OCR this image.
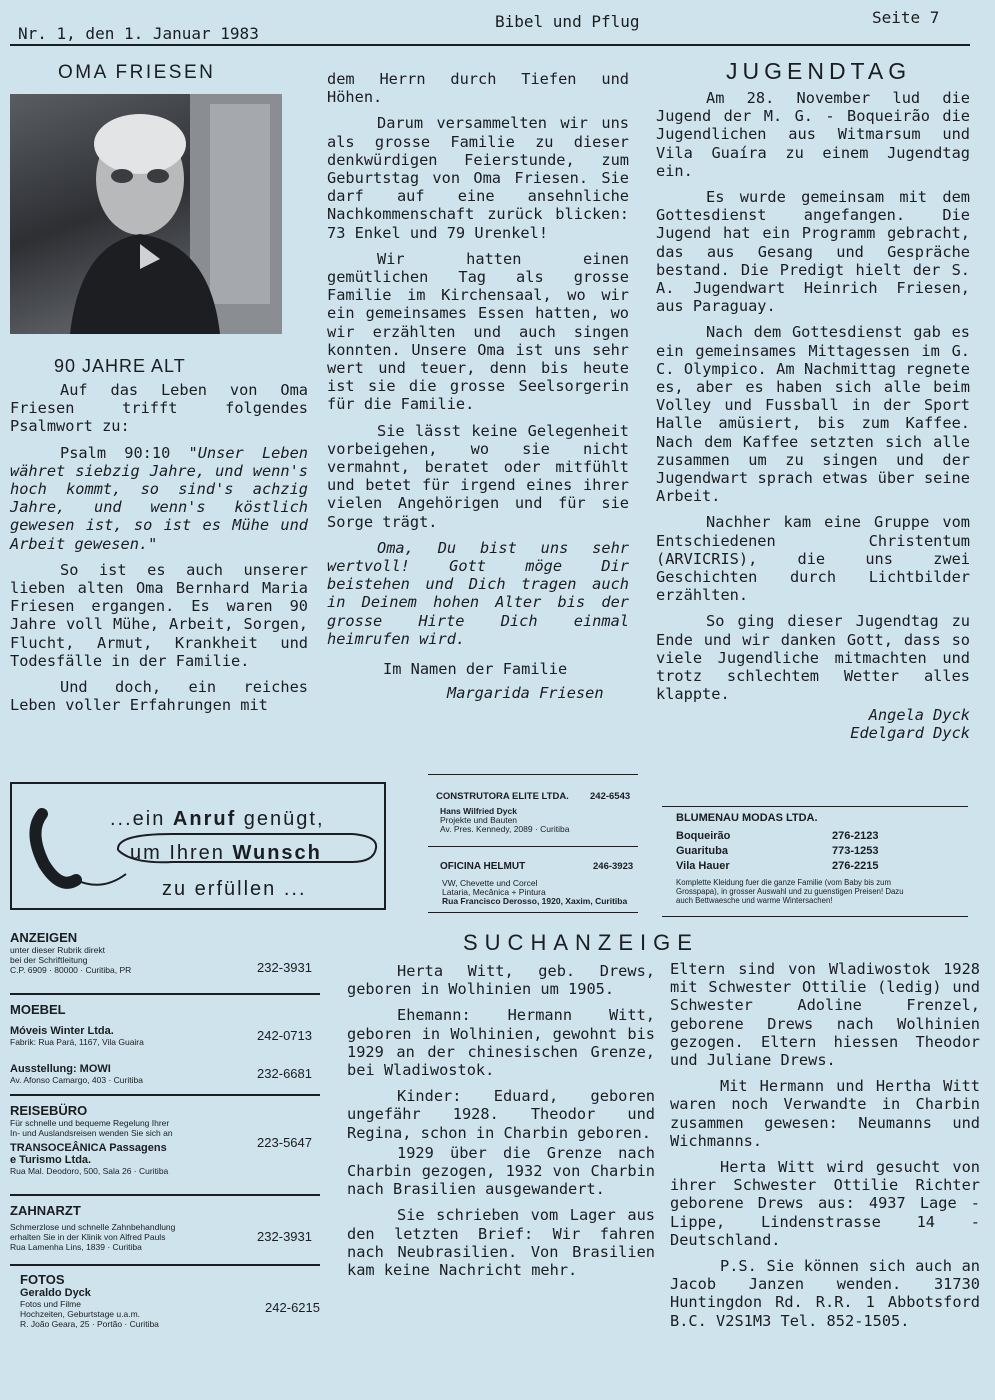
Nr. 1, den 1. Januar 1983
Bibel und Pflug	Seite 7
OMA FRIESEN
90 JAHRE ALT

Auf das Leben von Oma Friesen trifft folgendes Psalmwort zu:

Psalm 90:10 "Unser Leben währet siebzig Jahre, und wenn's hoch kommt, so sind's achzig Jahre, und wenn's köstlich gewesen ist, so ist es Mühe und Arbeit gewesen."

So ist es auch unserer lieben alten Oma Bernhard Maria Friesen ergangen. Es waren 90 Jahre voll Mühe, Arbeit, Sorgen, Flucht, Armut, Krankheit und Todesfälle in der Familie.

Und doch, ein reiches Leben voller Erfahrungen mit

dem Herrn durch Tiefen und Höhen.

Darum versammelten wir uns als grosse Familie zu dieser denkwürdigen Feierstunde, zum Geburtstag von Oma Friesen. Sie darf auf eine ansehnliche Nachkommenschaft zurück blicken: 73 Enkel und 79 Urenkel!

Wir hatten einen gemütlichen Tag als grosse Familie im Kirchensaal, wo wir ein gemeinsames Essen hatten, wo wir erzählten und auch singen konnten. Unsere Oma ist uns sehr wert und teuer, denn bis heute ist sie die grosse Seelsorgerin für die Familie.

Sie lässt keine Gelegenheit vorbeigehen, wo sie nicht vermahnt, beratet oder mitfühlt und betet für irgend eines ihrer vielen Angehörigen und für sie Sorge trägt.

Oma, Du bist uns sehr wertvoll! Gott möge Dir beistehen und Dich tragen auch in Deinem hohen Alter bis der grosse Hirte Dich einmal heimrufen wird.

Im Namen der Familie
Margarida Friesen
JUGENDTAG

Am 28. November lud die Jugend der M. G. - Boqueirão die Jugendlichen aus Witmarsum und Vila Guaíra zu einem Jugendtag ein.

Es wurde gemeinsam mit dem Gottesdienst angefangen. Die Jugend hat ein Programm gebracht, das aus Gesang und Gespräche bestand. Die Predigt hielt der S. A. Jugendwart Heinrich Friesen, aus Paraguay.

Nach dem Gottesdienst gab es ein gemeinsames Mittagessen im G. C. Olympico. Am Nachmittag regnete es, aber es haben sich alle beim Volley und Fussball in der Sport Halle amüsiert, bis zum Kaffee. Nach dem Kaffee setzten sich alle zusammen um zu singen und der Jugendwart sprach etwas über seine Arbeit.

Nachher kam eine Gruppe vom Entschiedenen Christentum (ARVICRIS), die uns zwei Geschichten durch Lichtbilder erzählten.

So ging dieser Jugendtag zu Ende und wir danken Gott, dass so viele Jugendliche mitmachten und trotz schlechtem Wetter alles klappte.

Angela Dyck
Edelgard Dyck
...ein Anruf genügt,
um Ihren Wunsch
zu erfüllen ...
CONSTRUTORA ELITE LTDA. 242-6543
Hans Wilfried Dyck
Projekte und Bauten
Av. Pres. Kennedy, 2089 · Curitiba
OFICINA HELMUT	246-3923
VW, Chevette und Corcel
Lataria, Mecânica + Pintura
Rua Francisco Derosso, 1920, Xaxim, Curitiba
BLUMENAU MODAS LTDA.
Boqueirão	276-2123
Guarituba	773-1253
Vila Hauer	276-2215
Komplette Kleidung fuer die ganze Familie (vom Baby bis zum Grosspapa), in grosser Auswahl und zu guenstigen Preisen! Dazu auch Bettwaesche und warme Wintersachen!
ANZEIGEN
unter dieser Rubrik direkt
bei der Schriftleitung
C.P. 6909 · 80000 · Curitiba, PR	232-3931
MOEBEL
Móveis Winter Ltda.
Fabrik: Rua Pará, 1167, Vila Guaira	242-0713
Ausstellung: MOWI
Av. Afonso Camargo, 403 · Curitiba	232-6681
REISEBÜRO
Für schnelle und bequeme Regelung Ihrer
In- und Auslandsreisen wenden Sie sich an
TRANSOCEÂNICA Passagens
e Turismo Ltda.
Rua Mal. Deodoro, 500, Sala 26 · Curitiba
223-5647
ZAHNARZT
Schmerzlose und schnelle Zahnbehandlung
erhalten Sie in der Klinik von Alfred Pauls
Rua Lamenha Lins, 1839 · Curitiba
232-3931
FOTOS
Geraldo Dyck
Fotos und Filme
Hochzeiten, Geburtstage u.a.m.
R. João Geara, 25 · Portão · Curitiba
242-6215
SUCHANZEIGE

Herta Witt, geb. Drews, geboren in Wolhinien um 1905.

Ehemann: Hermann Witt, geboren in Wolhinien, gewohnt bis 1929 an der chinesischen Grenze, bei Wladiwostok.

Kinder: Eduard, geboren ungefähr 1928. Theodor und Regina, schon in Charbin geboren.

1929 über die Grenze nach Charbin gezogen, 1932 von Charbin nach Brasilien ausgewandert.

Sie schrieben vom Lager aus den letzten Brief: Wir fahren nach Neubrasilien. Von Brasilien kam keine Nachricht mehr.

Eltern sind von Wladiwostok 1928 mit Schwester Ottilie (ledig) und Schwester Adoline Frenzel, geborene Drews nach Wolhinien gezogen. Eltern hiessen Theodor und Juliane Drews.

Mit Hermann und Hertha Witt waren noch Verwandte in Charbin zusammen gewesen: Neumanns und Wichmanns.

Herta Witt wird gesucht von ihrer Schwester Ottilie Richter geborene Drews aus: 4937 Lage - Lippe, Lindenstrasse 14 - Deutschland.

P.S. Sie können sich auch an Jacob Janzen wenden. 31730 Huntingdon Rd. R.R. 1 Abbotsford B.C. V2S1M3 Tel. 852-1505.
